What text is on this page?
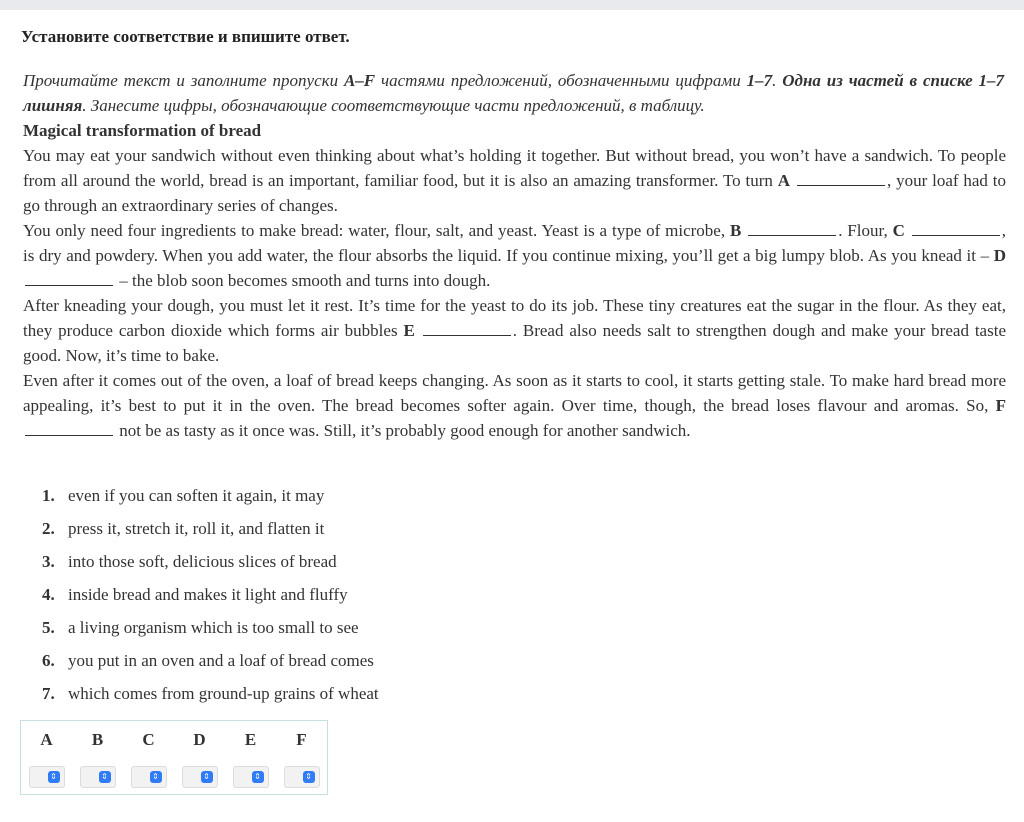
Установите соответствие и впишите ответ.
Прочитайте текст и заполните пропуски A–F частями предложений, обозначенными цифрами 1–7. Одна из частей в списке 1–7 лишняя. Занесите цифры, обозначающие соответствующие части предложений, в таблицу.
Magical transformation of bread

You may eat your sandwich without even thinking about what’s holding it together. But without bread, you won’t have a sandwich. To people from all around the world, bread is an important, familiar food, but it is also an amazing transformer. To turn A	, your loaf had to go through an extraordinary series of changes.

You only need four ingredients to make bread: water, flour, salt, and yeast. Yeast is a type of microbe, B	. Flour, C	, is dry and powdery. When you add water, the flour absorbs the liquid. If you continue mixing, you’ll get a big lumpy blob. As you knead it – D  – the blob soon becomes smooth and turns into dough.

After kneading your dough, you must let it rest. It’s time for the yeast to do its job. These tiny creatures eat the sugar in the flour. As they eat, they produce carbon dioxide which forms air bubbles E	. Bread also needs salt to strengthen dough and make your bread taste good. Now, it’s time to bake.

Even after it comes out of the oven, a loaf of bread keeps changing. As soon as it starts to cool, it starts getting stale. To make hard bread more appealing, it’s best to put it in the oven. The bread becomes softer again. Over time, though, the bread loses flavour and aromas. So, F  not be as tasty as it once was. Still, it’s probably good enough for another sandwich.

1. even if you can soften it again, it may
2. press it, stretch it, roll it, and flatten it
3. into those soft, delicious slices of bread
4. inside bread and makes it light and fluffy
5. a living organism which is too small to see
6. you put in an oven and a loaf of bread comes
7. which comes from ground-up grains of wheat
A	B	C	D	E	F

⇕	⇕	⇕	⇕	⇕	⇕
